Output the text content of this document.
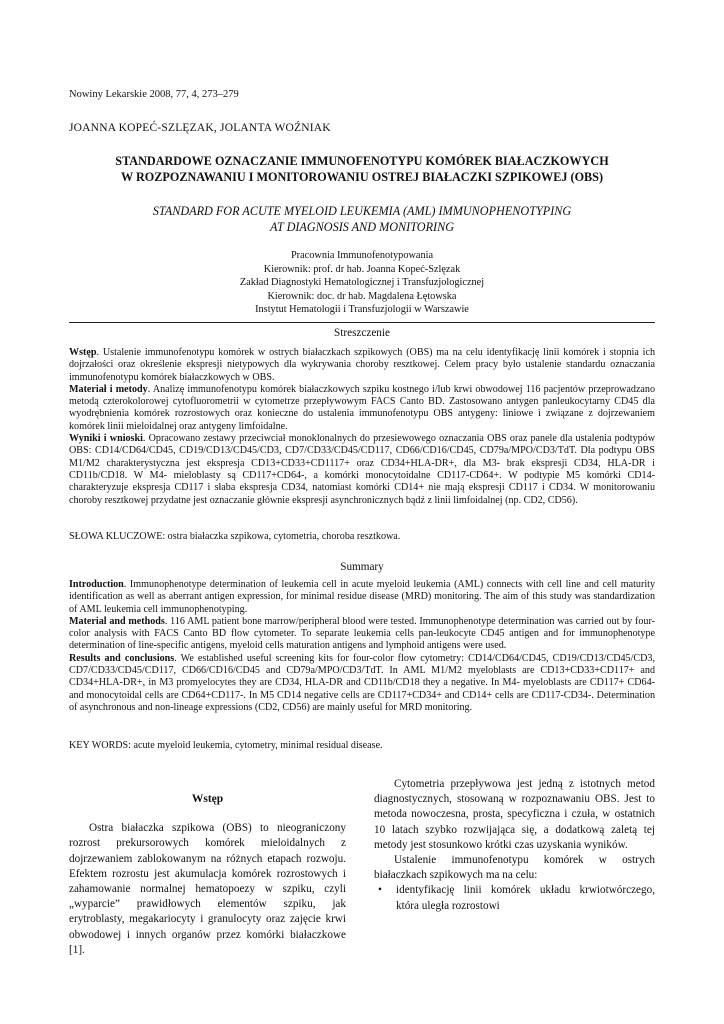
Nowiny Lekarskie 2008, 77, 4, 273–279
JOANNA KOPEĆ-SZLĘZAK, JOLANTA WOŹNIAK
STANDARDOWE OZNACZANIE IMMUNOFENOTYPU KOMÓREK BIAŁACZKOWYCH
W ROZPOZNAWANIU I MONITOROWANIU OSTREJ BIAŁACZKI SZPIKOWEJ (OBS)
STANDARD FOR ACUTE MYELOID LEUKEMIA (AML) IMMUNOPHENOTYPING
AT DIAGNOSIS AND MONITORING
Pracownia Immunofenotypowania
Kierownik: prof. dr hab. Joanna Kopeć-Szlęzak
Zakład Diagnostyki Hematologicznej i Transfuzjologicznej
Kierownik: doc. dr hab. Magdalena Łętowska
Instytut Hematologii i Transfuzjologii w Warszawie
Streszczenie

Wstęp. Ustalenie immunofenotypu komórek w ostrych białaczkach szpikowych (OBS) ma na celu identyfikację linii komórek i stopnia ich dojrzałości oraz określenie ekspresji nietypowych dla wykrywania choroby resztkowej. Celem pracy było ustalenie standardu oznaczania immunofenotypu komórek białaczkowych w OBS.

Materiał i metody. Analizę immunofenotypu komórek białaczkowych szpiku kostnego i/lub krwi obwodowej 116 pacjentów przeprowadzano metodą czterokolorowej cytofluorometrii w cytometrze przepływowym FACS Canto BD. Zastosowano antygen panleukocytarny CD45 dla wyodrębnienia komórek rozrostowych oraz konieczne do ustalenia immunofenotypu OBS antygeny: liniowe i związane z dojrzewaniem komórek linii mieloidalnej oraz antygeny limfoidalne.

Wyniki i wnioski. Opracowano zestawy przeciwciał monoklonalnych do przesiewowego oznaczania OBS oraz panele dla ustalenia podtypów OBS: CD14/CD64/CD45, CD19/CD13/CD45/CD3, CD7/CD33/CD45/CD117, CD66/CD16/CD45, CD79a/MPO/CD3/TdT. Dla podtypu OBS M1/M2 charakterystyczna jest ekspresja CD13+CD33+CD1117+ oraz CD34+HLA-DR+, dla M3- brak ekspresji CD34, HLA-DR i CD11b/CD18. W M4- mieloblasty są CD117+CD64-, a komórki monocytoidalne CD117-CD64+. W podtypie M5 komórki CD14- charakteryzuje ekspresja CD117 i słaba ekspresja CD34, natomiast komórki CD14+ nie mają ekspresji CD117 i CD34. W monitorowaniu choroby resztkowej przydatne jest oznaczanie głównie ekspresji asynchronicznych bądź z linii limfoidalnej (np. CD2, CD56).

SŁOWA KLUCZOWE: ostra białaczka szpikowa, cytometria, choroba resztkowa.
Summary

Introduction. Immunophenotype determination of leukemia cell in acute myeloid leukemia (AML) connects with cell line and cell maturity identification as well as aberrant antigen expression, for minimal residue disease (MRD) monitoring. The aim of this study was standardization of AML leukemia cell immunophenotyping.

Material and methods. 116 AML patient bone marrow/peripheral blood were tested. Immunophenotype determination was carried out by four-color analysis with FACS Canto BD flow cytometer. To separate leukemia cells pan-leukocyte CD45 antigen and for immunophenotype determination of line-specific antigens, myeloid cells maturation antigens and lymphoid antigens were used.

Results and conclusions. We established useful screening kits for four-color flow cytometry: CD14/CD64/CD45, CD19/CD13/CD45/CD3, CD7/CD33/CD45/CD117, CD66/CD16/CD45 and CD79a/MPO/CD3/TdT. In AML M1/M2 myeloblasts are CD13+CD33+CD117+ and CD34+HLA-DR+, in M3 promyelocytes they are CD34, HLA-DR and CD11b/CD18 they a negative. In M4- myeloblasts are CD117+ CD64- and monocytoidal cells are CD64+CD117-. In M5 CD14 negative cells are CD117+CD34+ and CD14+ cells are CD117-CD34-. Determination of asynchronous and non-lineage expressions (CD2, CD56) are mainly useful for MRD monitoring.

KEY WORDS: acute myeloid leukemia, cytometry, minimal residual disease.
Wstęp

Ostra białaczka szpikowa (OBS) to nieograniczony rozrost prekursorowych komórek mieloidalnych z dojrzewaniem zablokowanym na różnych etapach rozwoju. Efektem rozrostu jest akumulacja komórek rozrostowych i zahamowanie normalnej hematopoezy w szpiku, czyli „wyparcie” prawidłowych elementów szpiku, jak erytroblasty, megakariocyty i granulocyty oraz zajęcie krwi obwodowej i innych organów przez komórki białaczkowe [1].

Cytometria przepływowa jest jedną z istotnych metod diagnostycznych, stosowaną w rozpoznawaniu OBS. Jest to metoda nowoczesna, prosta, specyficzna i czuła, w ostatnich 10 latach szybko rozwijająca się, a dodatkową zaletą tej metody jest stosunkowo krótki czas uzyskania wyników.

Ustalenie immunofenotypu komórek w ostrych białaczkach szpikowych ma na celu:

• identyfikację linii komórek układu krwiotwórczego, która uległa rozrostowi
